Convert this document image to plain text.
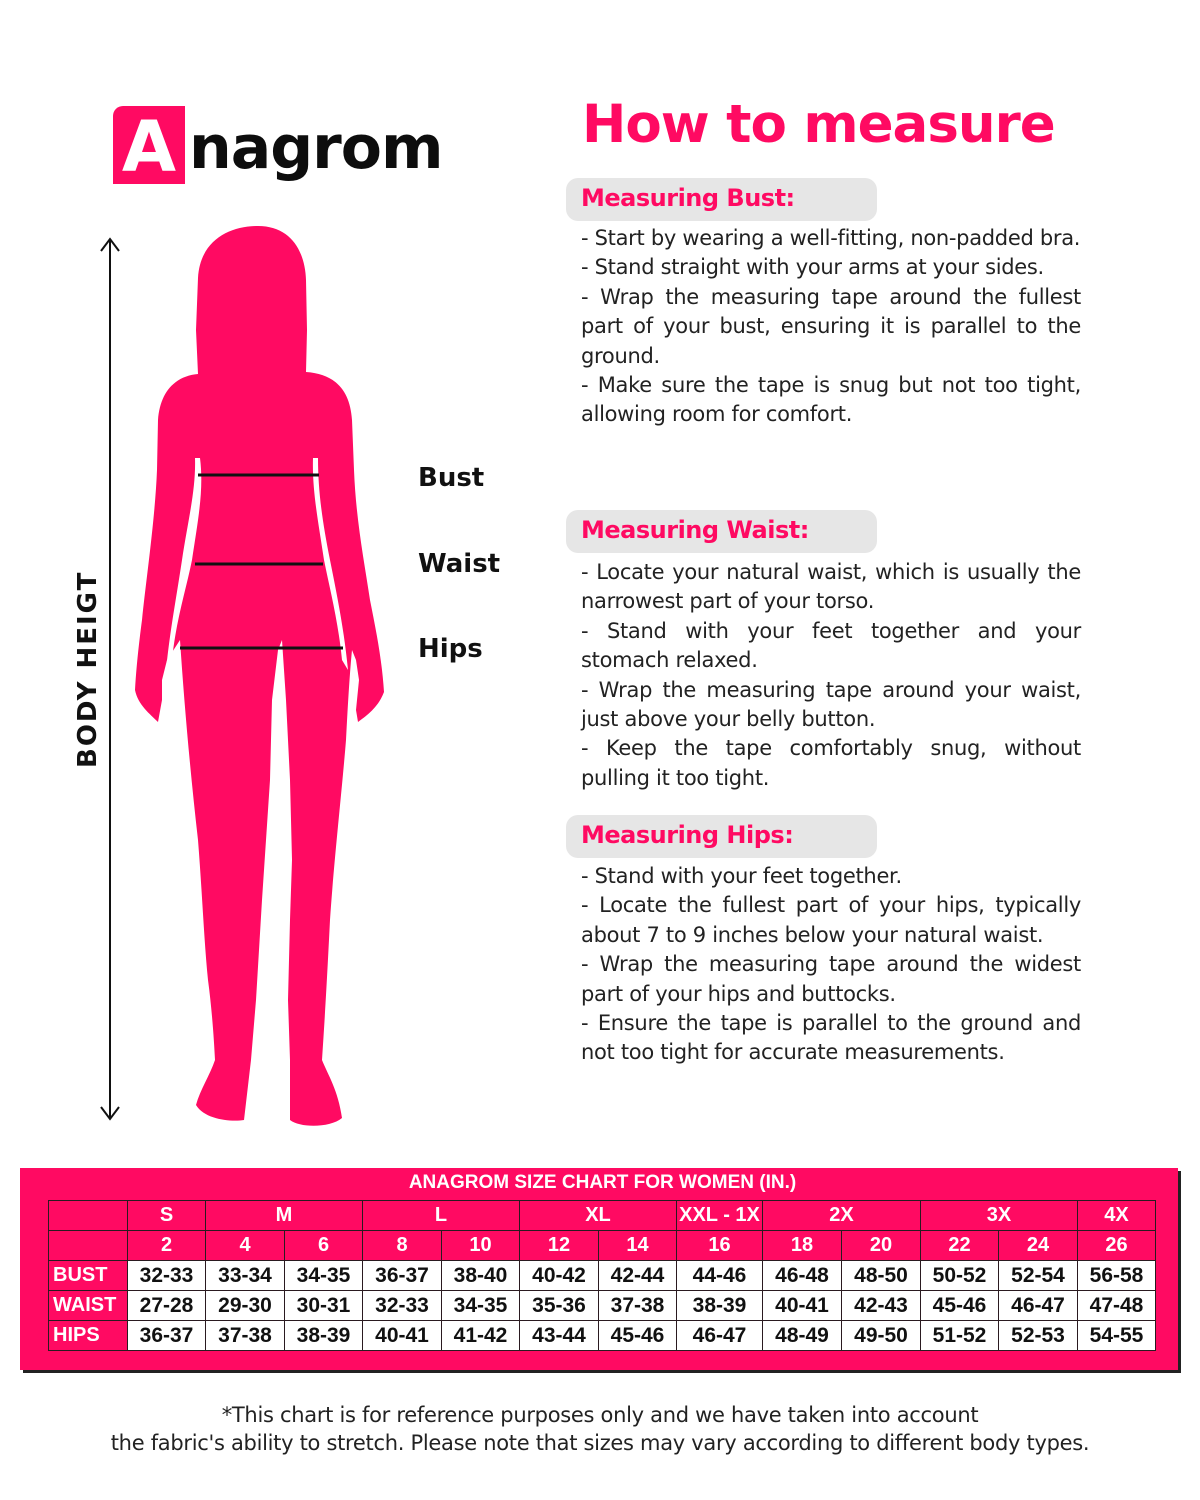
A nagrom	How to measure
BODY HEIGT
Bust
Waist
Hips
Measuring Bust:

- Start by wearing a well-fitting, non-padded bra.

- Stand straight with your arms at your sides.

- Wrap the measuring tape around the fullest part of your bust, ensuring it is parallel to the ground.

- Make sure the tape is snug but not too tight, allowing room for comfort.

Measuring Waist:

- Locate your natural waist, which is usually the narrowest part of your torso.

- Stand with your feet together and your stomach relaxed.

- Wrap the measuring tape around your waist, just above your belly button.

- Keep the tape comfortably snug, without pulling it too tight.

Measuring Hips:

- Stand with your feet together.

- Locate the fullest part of your hips, typically about 7 to 9 inches below your natural waist.

- Wrap the measuring tape around the widest part of your hips and buttocks.

- Ensure the tape is parallel to the ground and not too tight for accurate measurements.

ANAGROM SIZE CHART FOR WOMEN (IN.)
	S	M		L		XL		XXL - 1X	2X		3X		4X
	2	4	6	8	10	12	14	16	18	20	22	24	26
BUST	32-33	33-34	34-35	36-37	38-40	40-42	42-44	44-46	46-48	48-50	50-52	52-54	56-58
WAIST	27-28	29-30	30-31	32-33	34-35	35-36	37-38	38-39	40-41	42-43	45-46	46-47	47-48
HIPS	36-37	37-38	38-39	40-41	41-42	43-44	45-46	46-47	48-49	49-50	51-52	52-53	54-55
*This chart is for reference purposes only and we have taken into account
the fabric's ability to stretch. Please note that sizes may vary according to different body types.
